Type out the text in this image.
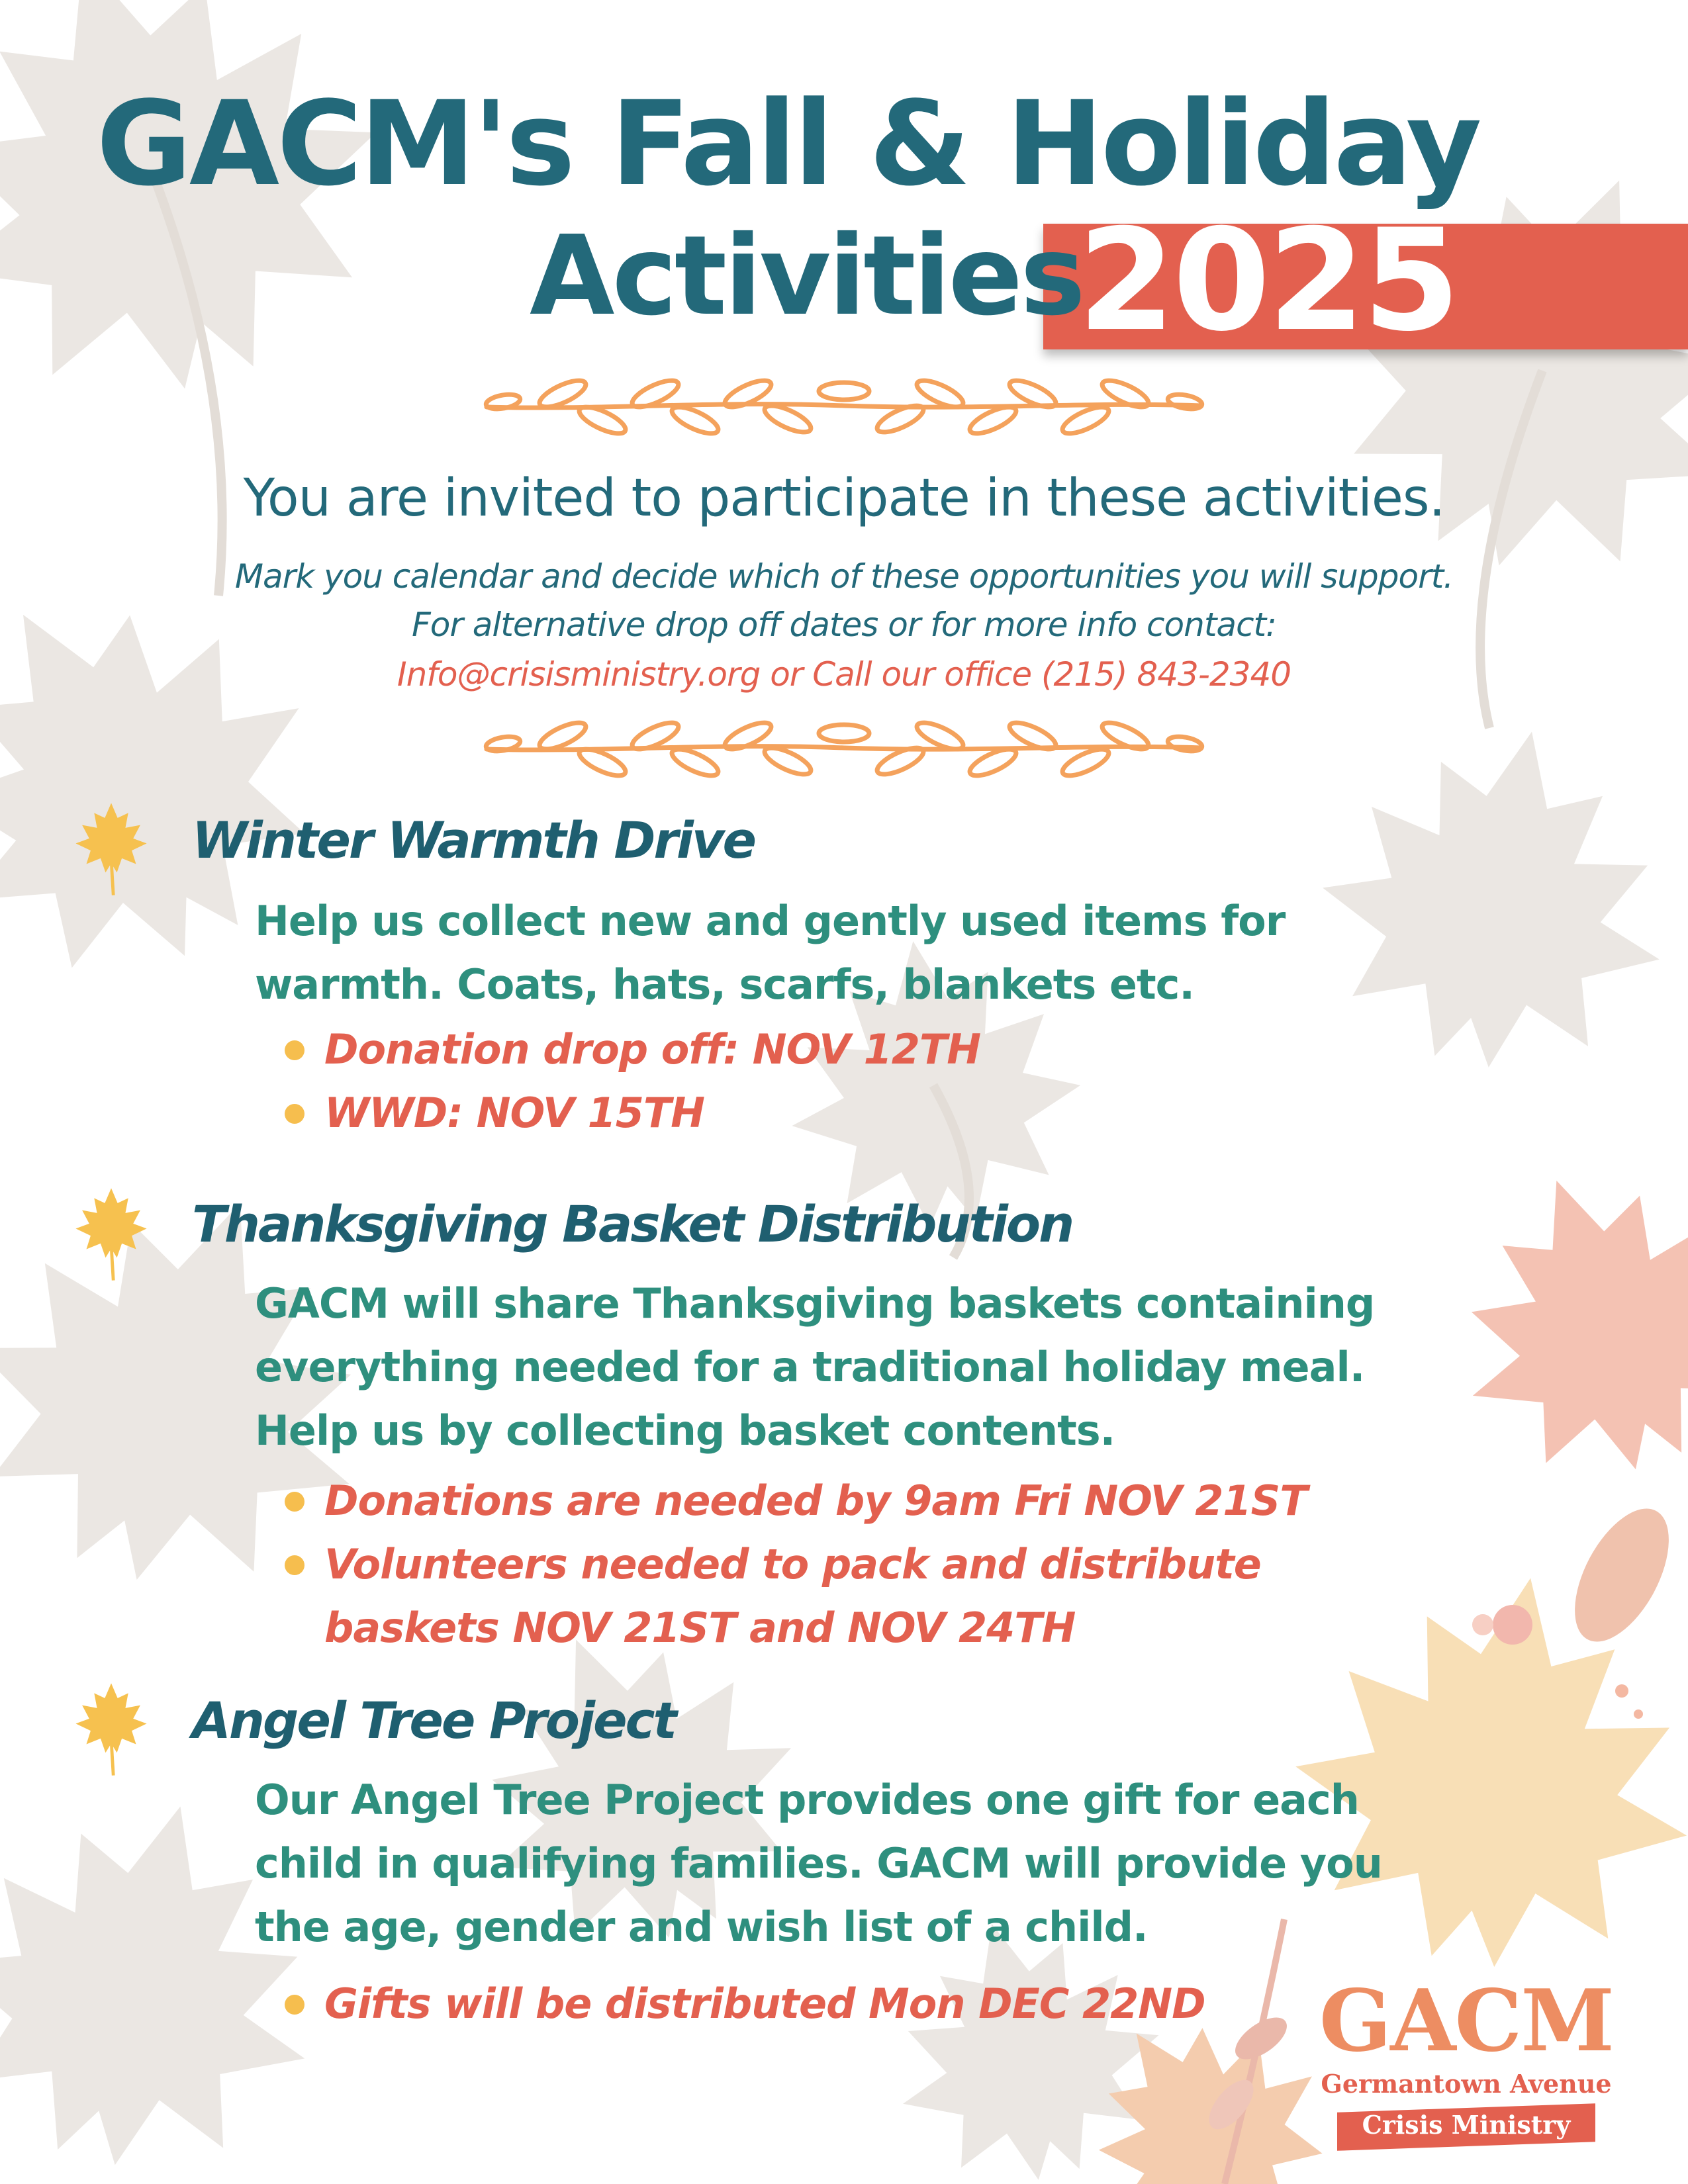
GACM's Fall & Holiday
Activities
2025
You are invited to participate in these activities.
Mark you calendar and decide which of these opportunities you will support.
For alternative drop off dates or for more info contact:
Info@crisisministry.org or Call our office (215) 843-2340
Winter Warmth Drive
Help us collect new and gently used items for
warmth. Coats, hats, scarfs, blankets etc.
Donation drop off: NOV 12TH
WWD: NOV 15TH
Thanksgiving Basket Distribution
GACM will share Thanksgiving baskets containing
everything needed for a traditional holiday meal.
Help us by collecting basket contents.
Donations are needed by 9am Fri NOV 21ST
Volunteers needed to pack and distribute
baskets NOV 21ST and NOV 24TH
Angel Tree Project
Our Angel Tree Project provides one gift for each
child in qualifying families. GACM will provide you
the age, gender and wish list of a child.
Gifts will be distributed Mon DEC 22ND	GACM
Germantown Avenue
Crisis Ministry
